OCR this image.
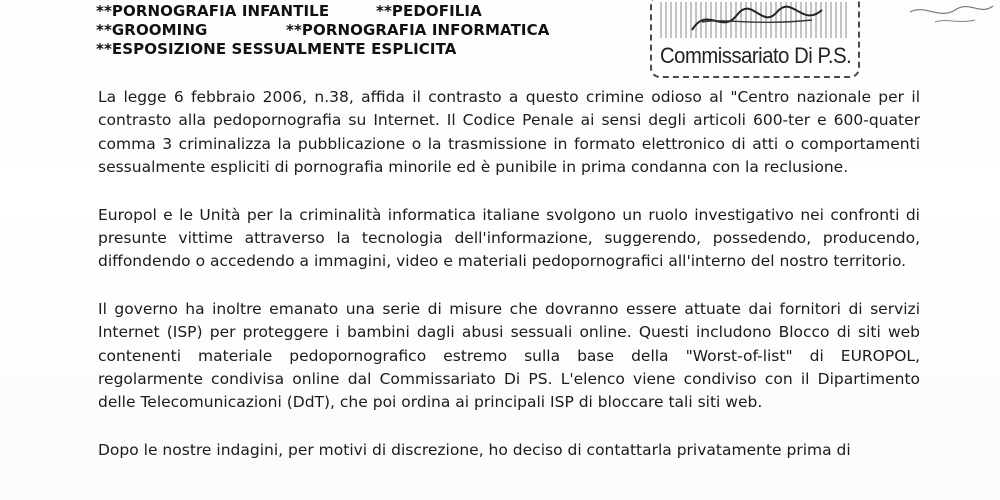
**PORNOGRAFIA INFANTILE	**PEDOFILIA
**GROOMING	**PORNOGRAFIA INFORMATICA
**ESPOSIZIONE SESSUALMENTE ESPLICITA	Commissariato Di P.S.

La legge 6 febbraio 2006, n.38, affida il contrasto a questo crimine odioso al "Centro nazionale per il contrasto alla pedopornografia su Internet. Il Codice Penale ai sensi degli articoli 600-ter e 600-quater comma 3 criminalizza la pubblicazione o la trasmissione in formato elettronico di atti o comportamenti sessualmente espliciti di pornografia minorile ed è punibile in prima condanna con la reclusione.

Europol e le Unità per la criminalità informatica italiane svolgono un ruolo investigativo nei confronti di presunte vittime attraverso la tecnologia dell'informazione, suggerendo, possedendo, producendo, diffondendo o accedendo a immagini, video e materiali pedopornografici all'interno del nostro territorio.

Il governo ha inoltre emanato una serie di misure che dovranno essere attuate dai fornitori di servizi Internet (ISP) per proteggere i bambini dagli abusi sessuali online. Questi includono Blocco di siti web contenenti materiale pedopornografico estremo sulla base della "Worst-of-list" di EUROPOL, regolarmente condivisa online dal Commissariato Di PS. L'elenco viene condiviso con il Dipartimento delle Telecomunicazioni (DdT), che poi ordina ai principali ISP di bloccare tali siti web.

Dopo le nostre indagini, per motivi di discrezione, ho deciso di contattarla privatamente prima di
